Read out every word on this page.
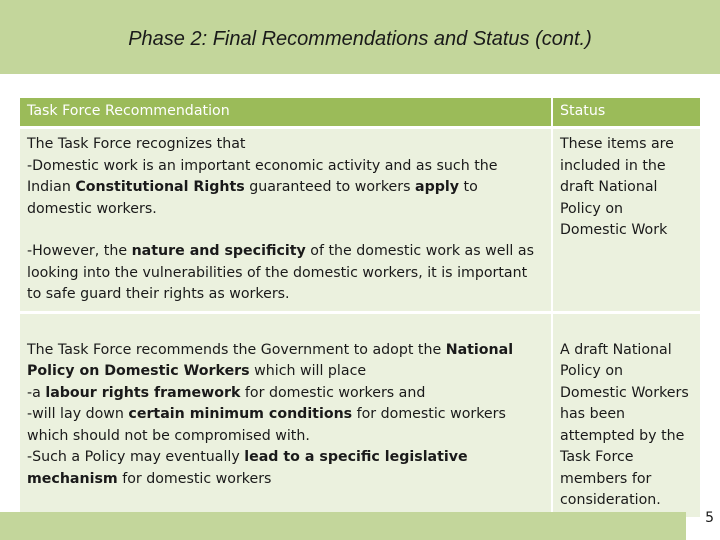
Phase 2: Final Recommendations and Status (cont.)
Task Force Recommendation	Status

The Task Force recognizes that
-Domestic work is an important economic activity and as such the Indian Constitutional Rights guaranteed to workers apply to domestic workers.
-However, the nature and specificity of the domestic work as well as looking into the vulnerabilities of the domestic workers, it is important to safe guard their rights as workers.	These items are included in the draft National Policy on Domestic Work

The Task Force recommends the Government to adopt the National Policy on Domestic Workers which will place
-a labour rights framework for domestic workers and
-will lay down certain minimum conditions for domestic workers which should not be compromised with.
-Such a Policy may eventually lead to a specific legislative mechanism for domestic workers	A draft National Policy on Domestic Workers has been attempted by the Task Force members for consideration.
5
